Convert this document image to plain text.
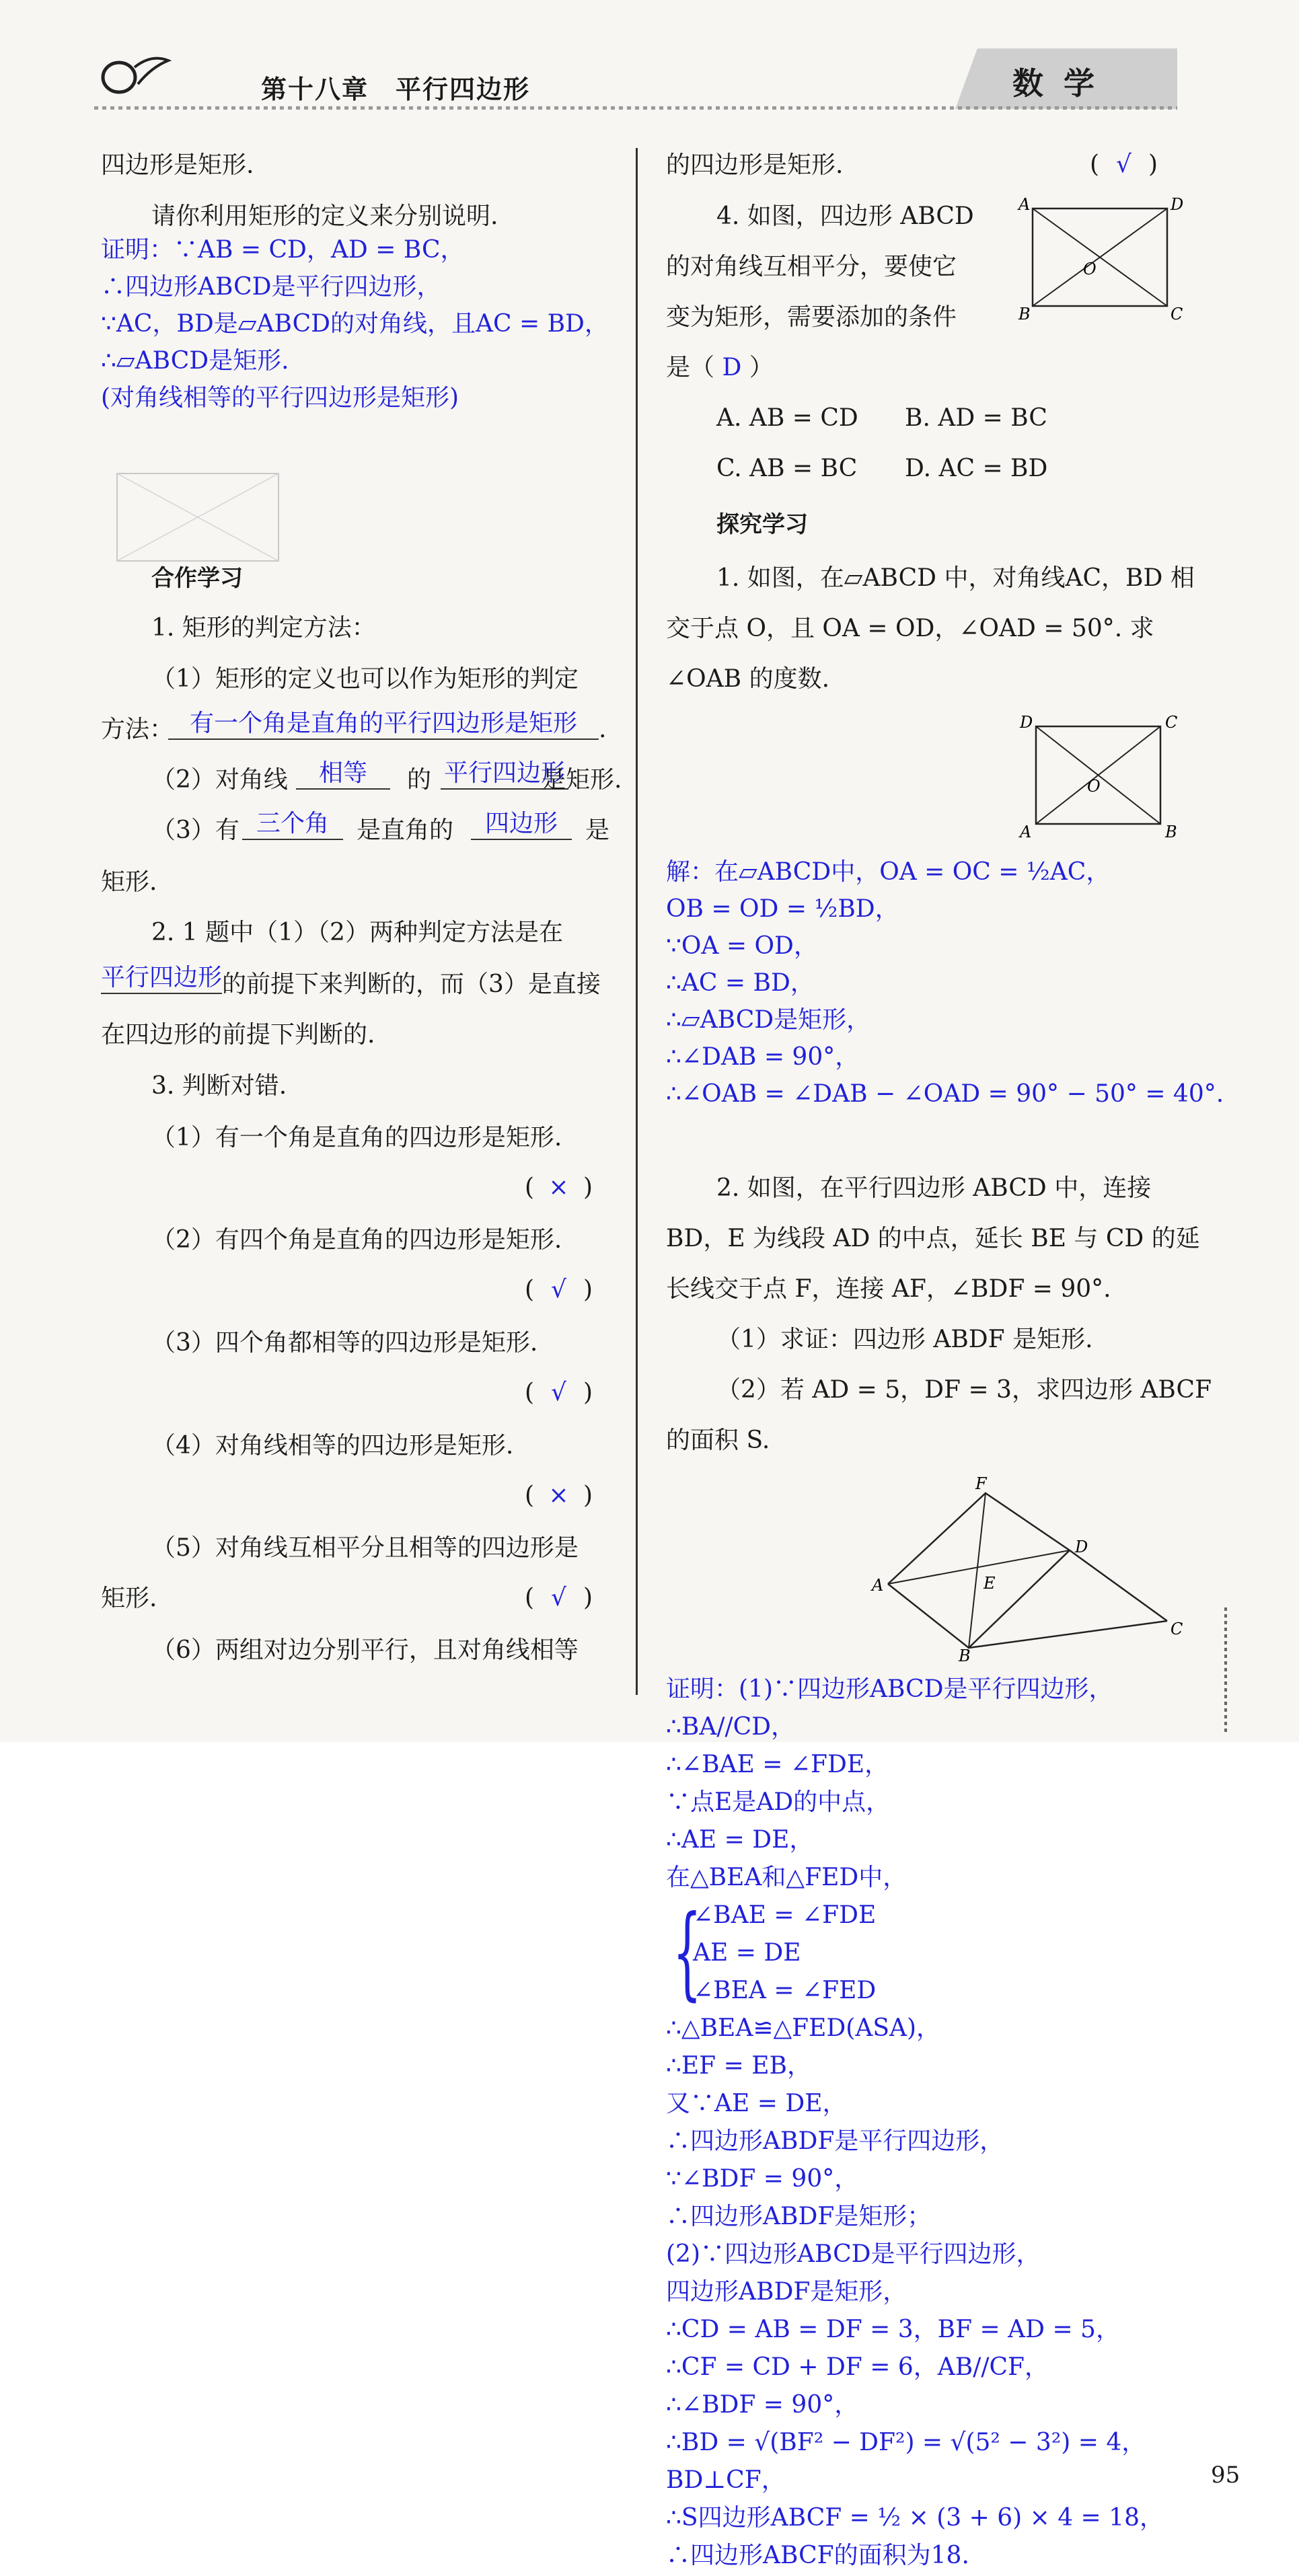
第十八章 平行四边形	数学
四边形是矩形.
请你利用矩形的定义来分别说明.
证明：∵AB = CD，AD = BC，
∴四边形ABCD是平行四边形，
∵AC，BD是▱ABCD的对角线，且AC = BD，
∴▱ABCD是矩形.
(对角线相等的平行四边形是矩形)
合作学习
1. 矩形的判定方法：
（1）矩形的定义也可以作为矩形的判定
方法： 有一个角是直角的平行四边形是矩形 .
（2）对角线	相等	的 平行四边形
是矩形.
（3）有 三个角	是直角的	四边形	是
矩形.
2. 1 题中（1）（2）两种判定方法是在
平行四边形 的前提下来判断的，而（3）是直接
在四边形的前提下判断的.
3. 判断对错.
（1）有一个角是直角的四边形是矩形.
( × )
（2）有四个角是直角的四边形是矩形.
( √ )
（3）四个角都相等的四边形是矩形.
( √ )
（4）对角线相等的四边形是矩形.
( × )
（5）对角线互相平分且相等的四边形是
矩形.	( √ )
（6）两组对边分别平行，且对角线相等
的四边形是矩形.	( √ )
4. 如图，四边形 ABCD
的对角线互相平分，要使它
变为矩形，需要添加的条件
是（ D ）
A	D
O
B	C
A. AB = CD B. AD = BC
C. AB = BC D. AC = BD
探究学习
1. 如图，在▱ABCD 中，对角线AC，BD 相
交于点 O，且 OA = OD，∠OAD = 50°. 求
∠OAB 的度数.
D	C
O
A	B
解：在▱ABCD中，OA = OC = ½AC，
OB = OD = ½BD，
∵OA = OD，
∴AC = BD，
∴▱ABCD是矩形，
∴∠DAB = 90°，
∴∠OAB = ∠DAB − ∠OAD = 90° − 50° = 40°.
2. 如图，在平行四边形 ABCD 中，连接
BD，E 为线段 AD 的中点，延长 BE 与 CD 的延
长线交于点 F，连接 AF，∠BDF = 90°.
（1）求证：四边形 ABDF 是矩形.
（2）若 AD = 5，DF = 3，求四边形 ABCF
的面积 S.
F
D
A	E
B
C
证明：(1)∵四边形ABCD是平行四边形，
∴BA//CD，
∴∠BAE = ∠FDE，
∵点E是AD的中点，
∴AE = DE，
在△BEA和△FED中，
{
∠BAE = ∠FDE
AE = DE
∠BEA = ∠FED
∴△BEA≌△FED(ASA)，
∴EF = EB，
又∵AE = DE，
∴四边形ABDF是平行四边形，
∵∠BDF = 90°，
∴四边形ABDF是矩形；
(2)∵四边形ABCD是平行四边形，
四边形ABDF是矩形，
∴CD = AB = DF = 3，BF = AD = 5，
∴CF = CD + DF = 6，AB//CF，
∴∠BDF = 90°，
∴BD = √(BF² − DF²) = √(5² − 3²) = 4，
BD⊥CF，
∴S四边形ABCF = ½ × (3 + 6) × 4 = 18，
∴四边形ABCF的面积为18.
95
